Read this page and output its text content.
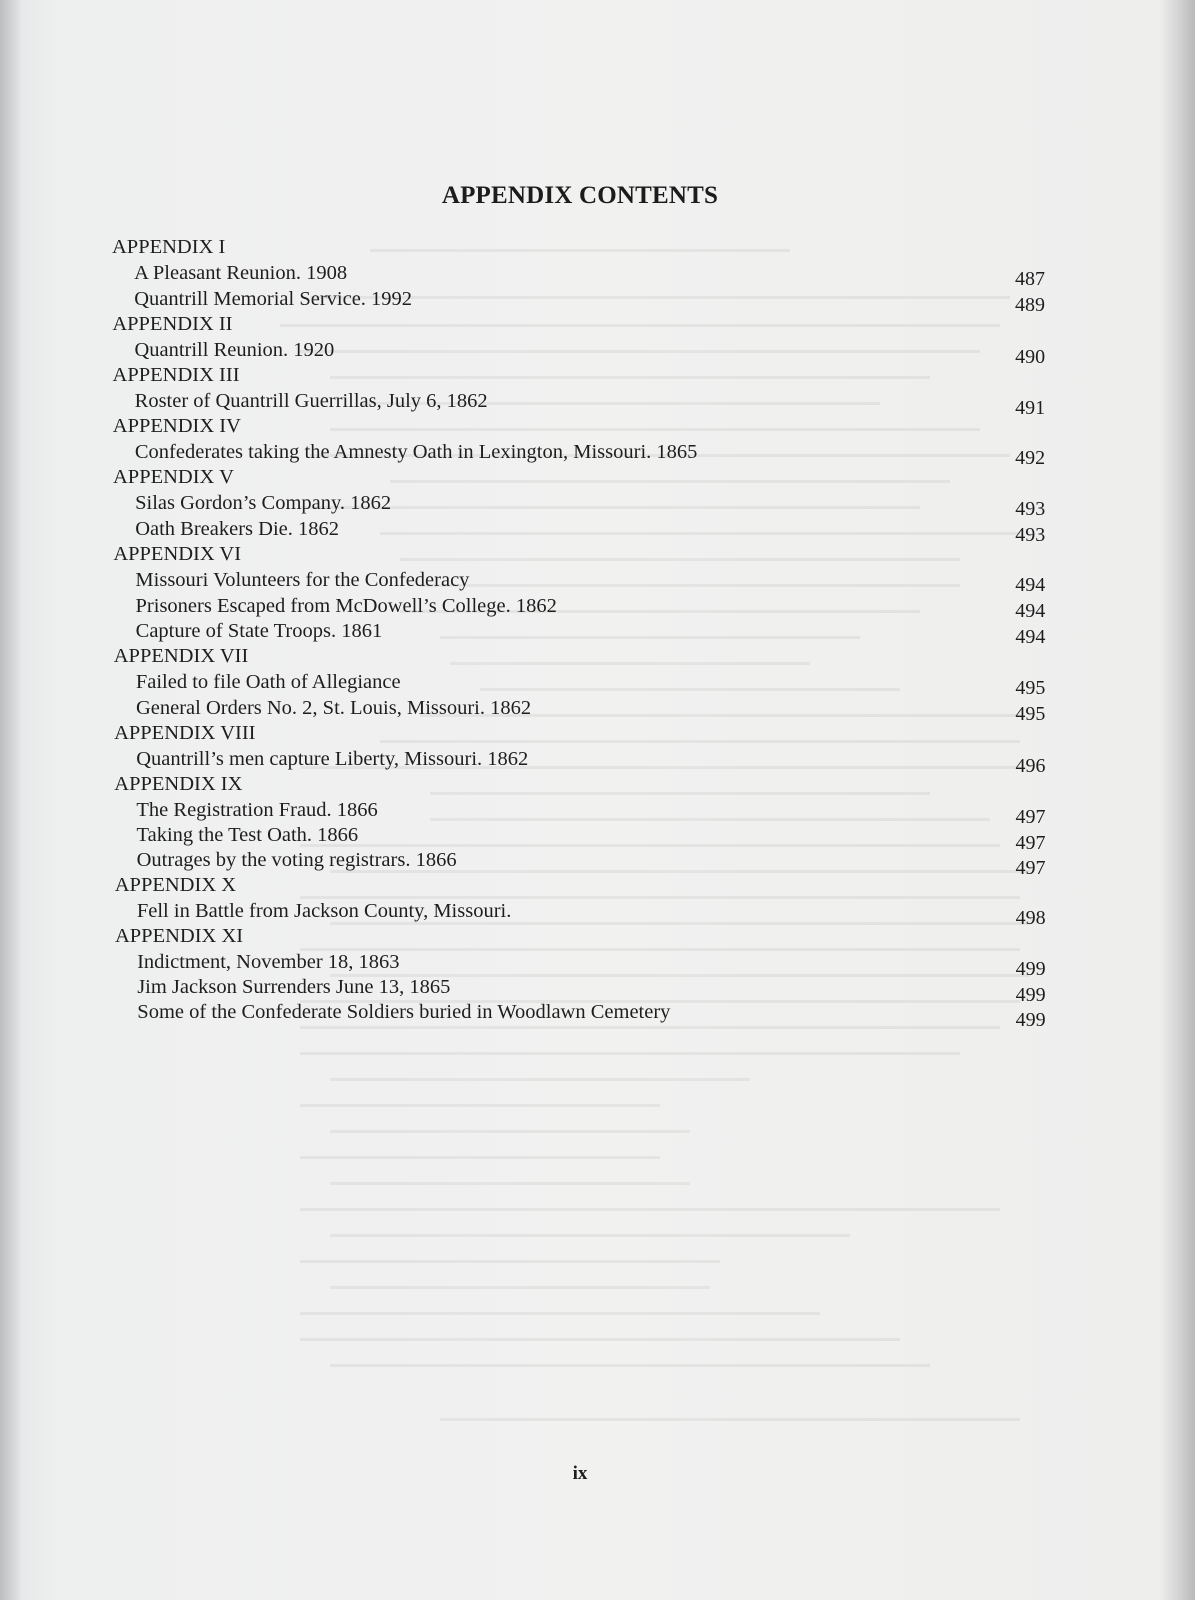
APPENDIX CONTENTS
APPENDIX I
A Pleasant Reunion. 1908	487
Quantrill Memorial Service. 1992	489
APPENDIX II
Quantrill Reunion. 1920	490
APPENDIX III
Roster of Quantrill Guerrillas, July 6, 1862	491
APPENDIX IV
Confederates taking the Amnesty Oath in Lexington, Missouri. 1865	492
APPENDIX V
Silas Gordon’s Company. 1862	493
Oath Breakers Die. 1862	493
APPENDIX VI
Missouri Volunteers for the Confederacy	494
Prisoners Escaped from McDowell’s College. 1862	494
Capture of State Troops. 1861	494
APPENDIX VII
Failed to file Oath of Allegiance	495
General Orders No. 2, St. Louis, Missouri. 1862	495
APPENDIX VIII
Quantrill’s men capture Liberty, Missouri. 1862	496
APPENDIX IX
The Registration Fraud. 1866	497
Taking the Test Oath. 1866	497
Outrages by the voting registrars. 1866	497
APPENDIX X
Fell in Battle from Jackson County, Missouri.	498
APPENDIX XI
Indictment, November 18, 1863	499
Jim Jackson Surrenders June 13, 1865	499
Some of the Confederate Soldiers buried in Woodlawn Cemetery	499
ix
